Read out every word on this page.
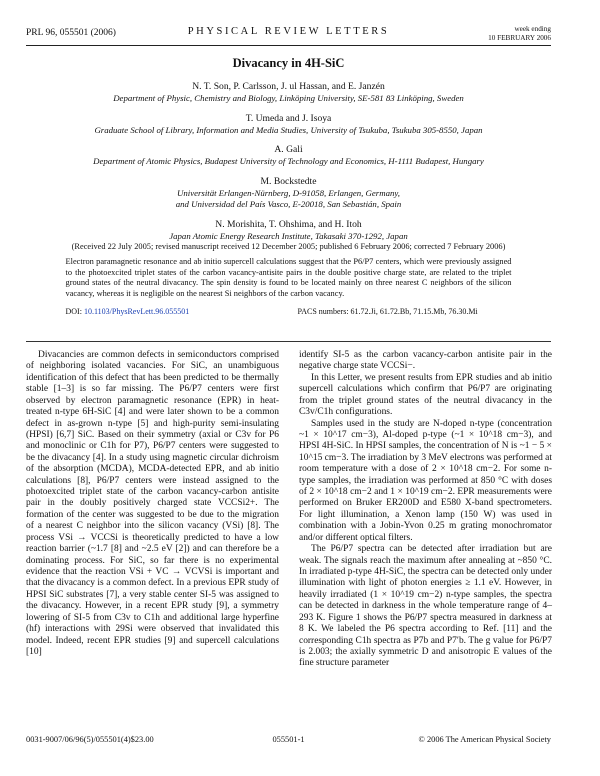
PRL 96, 055501 (2006)	PHYSICAL REVIEW LETTERS	week ending
10 FEBRUARY 2006
Divacancy in 4H-SiC
N. T. Son, P. Carlsson, J. ul Hassan, and E. Janzén
Department of Physic, Chemistry and Biology, Linköping University, SE-581 83 Linköping, Sweden
T. Umeda and J. Isoya
Graduate School of Library, Information and Media Studies, University of Tsukuba, Tsukuba 305-8550, Japan
A. Gali
Department of Atomic Physics, Budapest University of Technology and Economics, H-1111 Budapest, Hungary
M. Bockstedte
Universität Erlangen-Nürnberg, D-91058, Erlangen, Germany,
and Universidad del País Vasco, E-20018, San Sebastián, Spain
N. Morishita, T. Ohshima, and H. Itoh
Japan Atomic Energy Research Institute, Takasaki 370-1292, Japan
(Received 22 July 2005; revised manuscript received 12 December 2005; published 6 February 2006; corrected 7 February 2006)
Electron paramagnetic resonance and ab initio supercell calculations suggest that the P6/P7 centers, which were previously assigned to the photoexcited triplet states of the carbon vacancy-antisite pairs in the double positive charge state, are related to the triplet ground states of the neutral divacancy. The spin density is found to be located mainly on three nearest C neighbors of the silicon vacancy, whereas it is negligible on the nearest Si neighbors of the carbon vacancy.
DOI: 10.1103/PhysRevLett.96.055501	PACS numbers: 61.72.Ji, 61.72.Bb, 71.15.Mb, 76.30.Mi

Divacancies are common defects in semiconductors comprised of neighboring isolated vacancies. For SiC, an unambiguous identification of this defect that has been predicted to be thermally stable [1–3] is so far missing. The P6/P7 centers were first observed by electron paramagnetic resonance (EPR) in heat-treated n-type 6H-SiC [4] and were later shown to be a common defect in as-grown n-type [5] and high-purity semi-insulating (HPSI) [6,7] SiC. Based on their symmetry (axial or C3v for P6 and monoclinic or C1h for P7), P6/P7 centers were suggested to be the divacancy [4]. In a study using magnetic circular dichroism of the absorption (MCDA), MCDA-detected EPR, and ab initio calculations [8], P6/P7 centers were instead assigned to the photoexcited triplet state of the carbon vacancy-carbon antisite pair in the doubly positively charged state VCCSi2+. The formation of the center was suggested to be due to the migration of a nearest C neighbor into the silicon vacancy (VSi) [8]. The process VSi → VCCSi is theoretically predicted to have a low reaction barrier (~1.7 [8] and ~2.5 eV [2]) and can therefore be a dominating process. For SiC, so far there is no experimental evidence that the reaction VSi + VC → VCVSi is important and that the divacancy is a common defect. In a previous EPR study of HPSI SiC substrates [7], a very stable center SI-5 was assigned to the divacancy. However, in a recent EPR study [9], a symmetry lowering of SI-5 from C3v to C1h and additional large hyperfine (hf) interactions with 29Si were observed that invalidated this model. Indeed, recent EPR studies [9] and supercell calculations [10]

identify SI-5 as the carbon vacancy-carbon antisite pair in the negative charge state VCCSi−.

In this Letter, we present results from EPR studies and ab initio supercell calculations which confirm that P6/P7 are originating from the triplet ground states of the neutral divacancy in the C3v/C1h configurations.

Samples used in the study are N-doped n-type (concentration ~1 × 10^17 cm−3), Al-doped p-type (~1 × 10^18 cm−3), and HPSI 4H-SiC. In HPSI samples, the concentration of N is ~1 − 5 × 10^15 cm−3. The irradiation by 3 MeV electrons was performed at room temperature with a dose of 2 × 10^18 cm−2. For some n-type samples, the irradiation was performed at 850 °C with doses of 2 × 10^18 cm−2 and 1 × 10^19 cm−2. EPR measurements were performed on Bruker ER200D and E580 X-band spectrometers. For light illumination, a Xenon lamp (150 W) was used in combination with a Jobin-Yvon 0.25 m grating monochromator and/or different optical filters.

The P6/P7 spectra can be detected after irradiation but are weak. The signals reach the maximum after annealing at ~850 °C. In irradiated p-type 4H-SiC, the spectra can be detected only under illumination with light of photon energies ≥ 1.1 eV. However, in heavily irradiated (1 × 10^19 cm−2) n-type samples, the spectra can be detected in darkness in the whole temperature range of 4–293 K. Figure 1 shows the P6/P7 spectra measured in darkness at 8 K. We labeled the P6 spectra according to Ref. [11] and the corresponding C1h spectra as P7b and P7′b. The g value for P6/P7 is 2.003; the axially symmetric D and anisotropic E values of the fine structure parameter

0031-9007/06/96(5)/055501(4)$23.00	055501-1	© 2006 The American Physical Society
